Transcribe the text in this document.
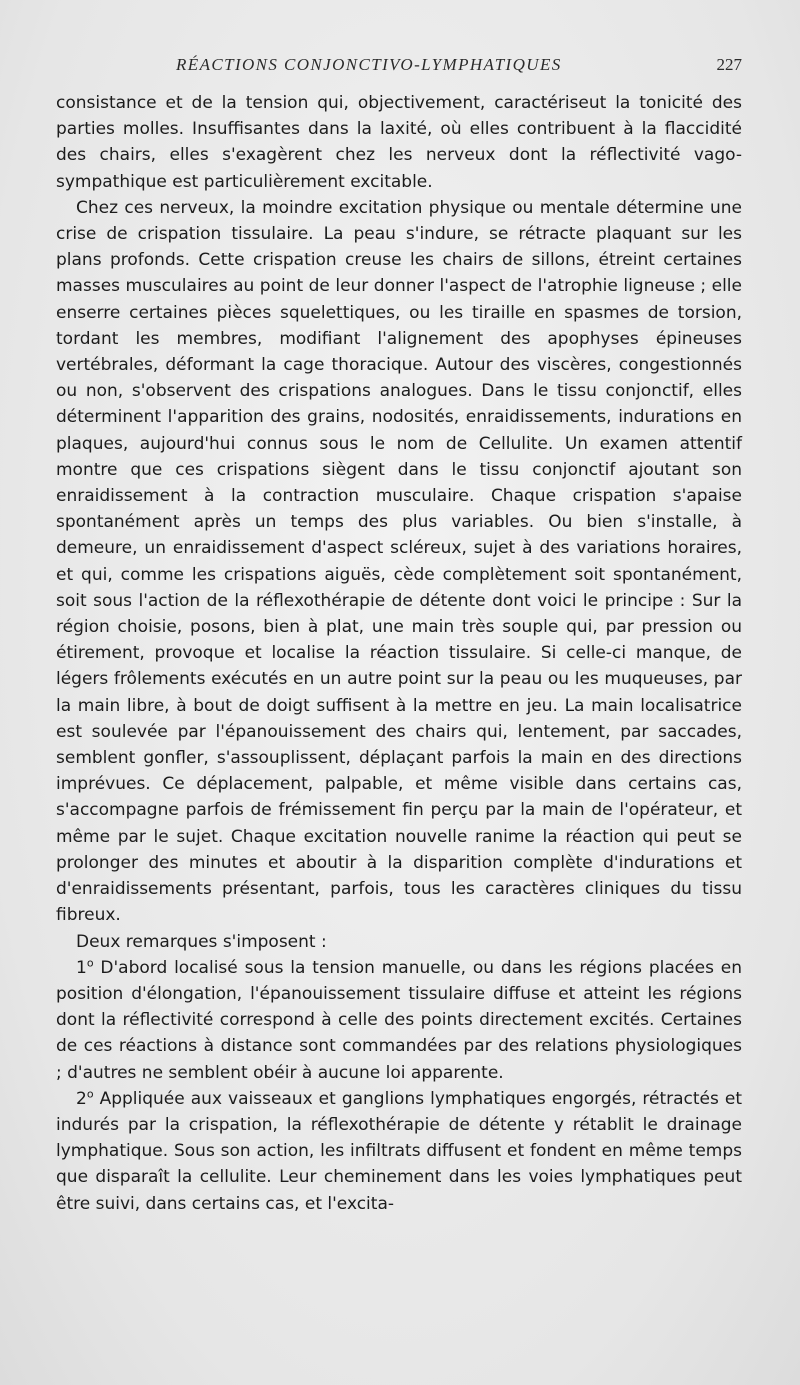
RÉACTIONS CONJONCTIVO-LYMPHATIQUES	227

consistance et de la tension qui, objectivement, caractériseut la tonicité des parties molles. Insuffisantes dans la laxité, où elles contribuent à la flaccidité des chairs, elles s'exagèrent chez les nerveux dont la réflectivité vago-sympathique est particulièrement excitable.

Chez ces nerveux, la moindre excitation physique ou mentale détermine une crise de crispation tissulaire. La peau s'indure, se rétracte plaquant sur les plans profonds. Cette crispation creuse les chairs de sillons, étreint certaines masses musculaires au point de leur donner l'aspect de l'atrophie ligneuse ; elle enserre certaines pièces squelettiques, ou les tiraille en spasmes de torsion, tordant les membres, modifiant l'alignement des apophyses épineuses vertébrales, déformant la cage thoracique. Autour des viscères, congestionnés ou non, s'observent des crispations analogues. Dans le tissu conjonctif, elles déterminent l'apparition des grains, nodosités, enraidissements, indurations en plaques, aujourd'hui connus sous le nom de Cellulite. Un examen attentif montre que ces crispations siègent dans le tissu conjonctif ajoutant son enraidissement à la contraction musculaire. Chaque crispation s'apaise spontanément après un temps des plus variables. Ou bien s'installe, à demeure, un enraidissement d'aspect scléreux, sujet à des variations horaires, et qui, comme les crispations aiguës, cède complètement soit spontanément, soit sous l'action de la réflexothérapie de détente dont voici le principe : Sur la région choisie, posons, bien à plat, une main très souple qui, par pression ou étirement, provoque et localise la réaction tissulaire. Si celle-ci manque, de légers frôlements exécutés en un autre point sur la peau ou les muqueuses, par la main libre, à bout de doigt suffisent à la mettre en jeu. La main localisatrice est soulevée par l'épanouissement des chairs qui, lentement, par saccades, semblent gonfler, s'assouplissent, déplaçant parfois la main en des directions imprévues. Ce déplacement, palpable, et même visible dans certains cas, s'accompagne parfois de frémissement fin perçu par la main de l'opérateur, et même par le sujet. Chaque excitation nouvelle ranime la réaction qui peut se prolonger des minutes et aboutir à la disparition complète d'indurations et d'enraidissements présentant, parfois, tous les caractères cliniques du tissu fibreux.

Deux remarques s'imposent :

1$^o$ D'abord localisé sous la tension manuelle, ou dans les régions placées en position d'élongation, l'épanouissement tissulaire diffuse et atteint les régions dont la réflectivité correspond à celle des points directement excités. Certaines de ces réactions à distance sont commandées par des relations physiologiques ; d'autres ne semblent obéir à aucune loi apparente.

2$^o$ Appliquée aux vaisseaux et ganglions lymphatiques engorgés, rétractés et indurés par la crispation, la réflexothérapie de détente y rétablit le drainage lymphatique. Sous son action, les infiltrats diffusent et fondent en même temps que disparaît la cellulite. Leur cheminement dans les voies lymphatiques peut être suivi, dans certains cas, et l'excita-
